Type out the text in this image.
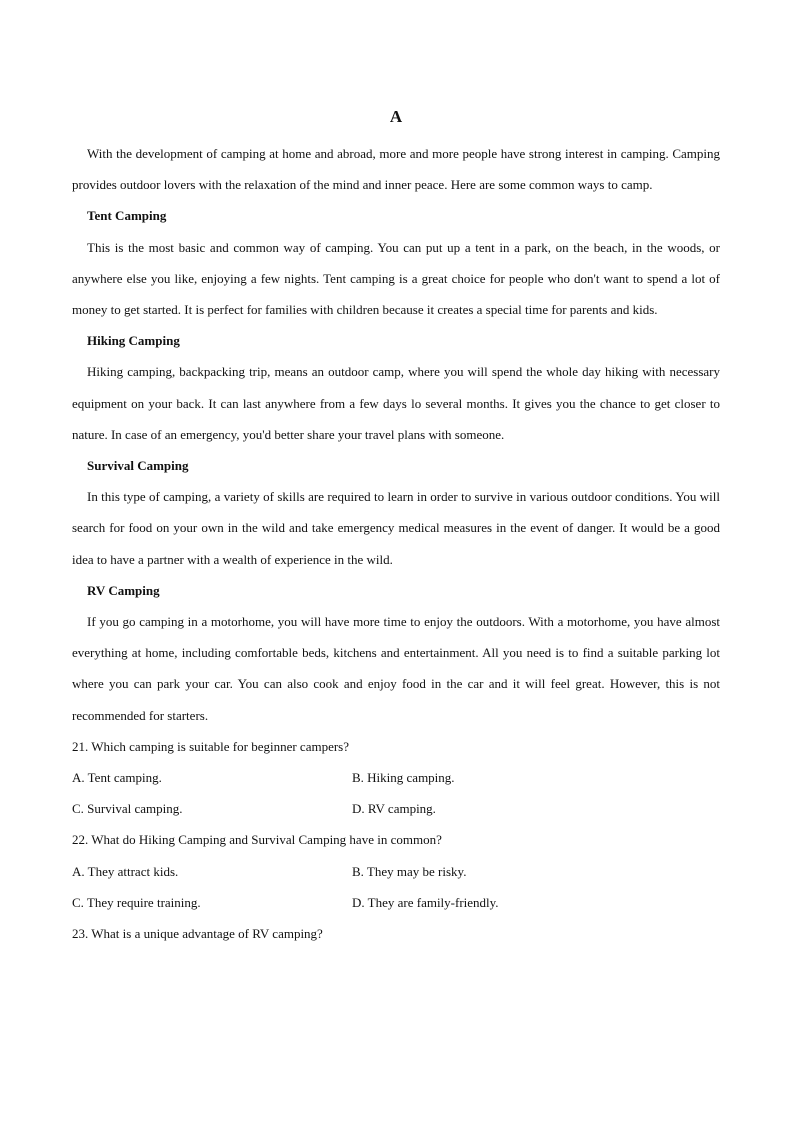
A

With the development of camping at home and abroad, more and more people have strong interest in camping. Camping provides outdoor lovers with the relaxation of the mind and inner peace. Here are some common ways to camp.

Tent Camping

This is the most basic and common way of camping. You can put up a tent in a park, on the beach, in the woods, or anywhere else you like, enjoying a few nights. Tent camping is a great choice for people who don't want to spend a lot of money to get started. It is perfect for families with children because it creates a special time for parents and kids.

Hiking Camping

Hiking camping, backpacking trip, means an outdoor camp, where you will spend the whole day hiking with necessary equipment on your back. It can last anywhere from a few days lo several months. It gives you the chance to get closer to nature. In case of an emergency, you'd better share your travel plans with someone.

Survival Camping

In this type of camping, a variety of skills are required to learn in order to survive in various outdoor conditions. You will search for food on your own in the wild and take emergency medical measures in the event of danger. It would be a good idea to have a partner with a wealth of experience in the wild.

RV Camping

If you go camping in a motorhome, you will have more time to enjoy the outdoors. With a motorhome, you have almost everything at home, including comfortable beds, kitchens and entertainment. All you need is to find a suitable parking lot where you can park your car. You can also cook and enjoy food in the car and it will feel great. However, this is not recommended for starters.

21. Which camping is suitable for beginner campers?
A. Tent camping.	B. Hiking camping.
C. Survival camping.	D. RV camping.
22. What do Hiking Camping and Survival Camping have in common?
A. They attract kids.	B. They may be risky.
C. They require training.	D. They are family-friendly.
23. What is a unique advantage of RV camping?
